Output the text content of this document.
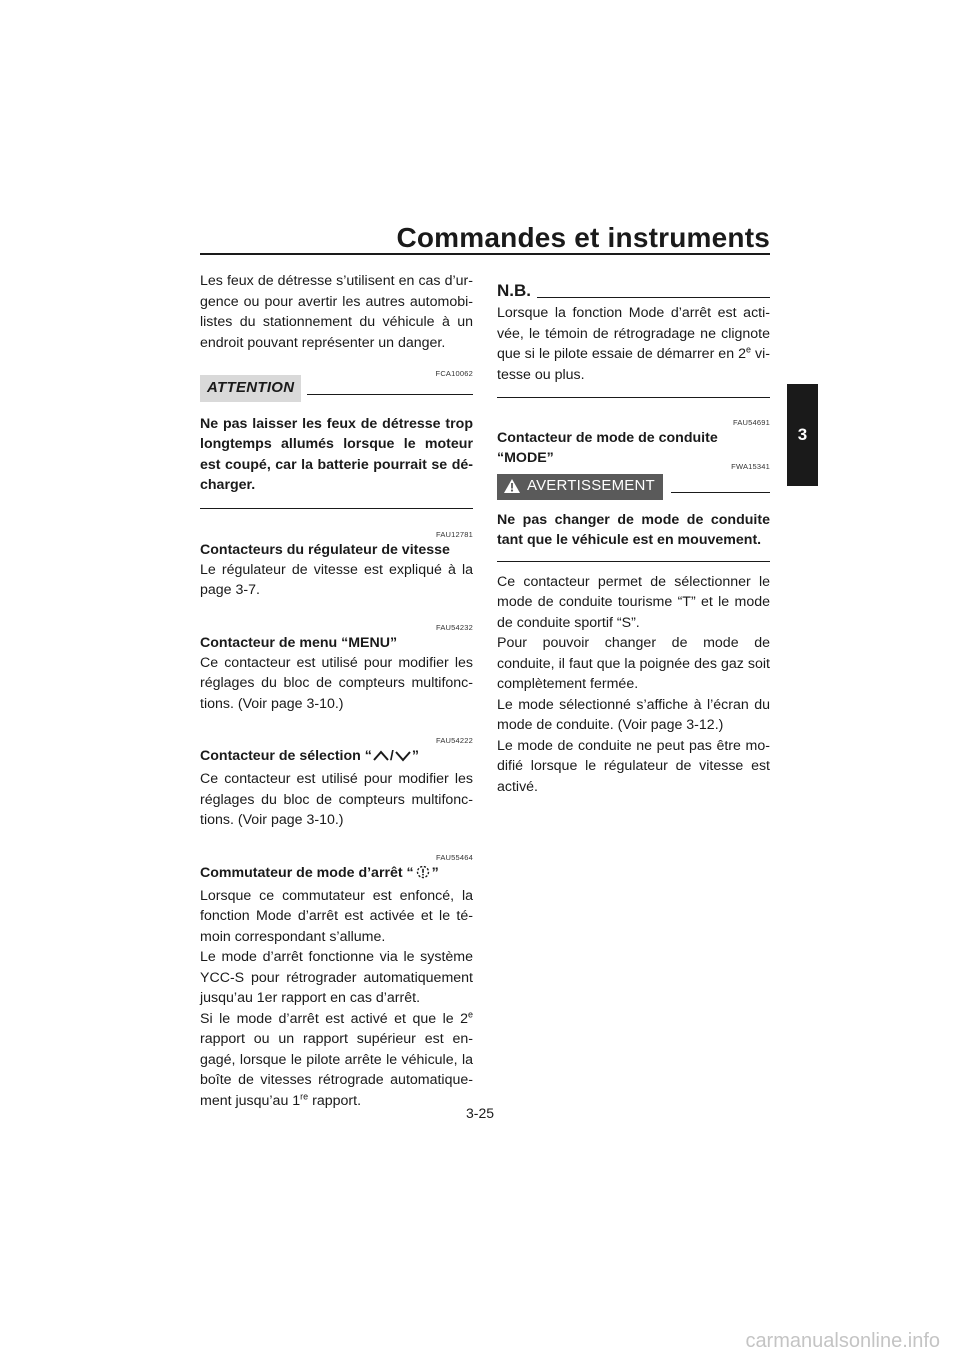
Commandes et instruments
3

Les feux de détresse s’utilisent en cas d’urgence ou pour avertir les autres automobilistes du stationnement du véhicule à un endroit pouvant représenter un danger.

FCA10062
ATTENTION

Ne pas laisser les feux de détresse trop longtemps allumés lorsque le moteur est coupé, car la batterie pourrait se décharger.

FAU12781

Contacteurs du régulateur de vitesse

Le régulateur de vitesse est expliqué à la page 3-7.

FAU54232

Contacteur de menu “MENU”

Ce contacteur est utilisé pour modifier les réglages du bloc de compteurs multifonctions. (Voir page 3-10.)

FAU54222

Contacteur de sélection “ / ”

Ce contacteur est utilisé pour modifier les réglages du bloc de compteurs multifonctions. (Voir page 3-10.)

FAU55464

Commutateur de mode d’arrêt “ ”

Lorsque ce commutateur est enfoncé, la fonction Mode d’arrêt est activée et le témoin correspondant s’allume.

Le mode d’arrêt fonctionne via le système YCC-S pour rétrograder automatiquement jusqu’au 1er rapport en cas d’arrêt.

Si le mode d’arrêt est activé et que le 2e rapport ou un rapport supérieur est engagé, lorsque le pilote arrête le véhicule, la boîte de vitesses rétrograde automatiquement jusqu’au 1re rapport.

N.B.

Lorsque la fonction Mode d’arrêt est activée, le témoin de rétrogradage ne clignote que si le pilote essaie de démarrer en 2e vitesse ou plus.

FAU54691

Contacteur de mode de conduite

“MODE”

FWA15341
AVERTISSEMENT

Ne pas changer de mode de conduite tant que le véhicule est en mouvement.

Ce contacteur permet de sélectionner le mode de conduite tourisme “T” et le mode de conduite sportif “S”.

Pour pouvoir changer de mode de conduite, il faut que la poignée des gaz soit complètement fermée.

Le mode sélectionné s’affiche à l’écran du mode de conduite. (Voir page 3-12.)

Le mode de conduite ne peut pas être modifié lorsque le régulateur de vitesse est activé.

3-25
carmanualsonline.info
